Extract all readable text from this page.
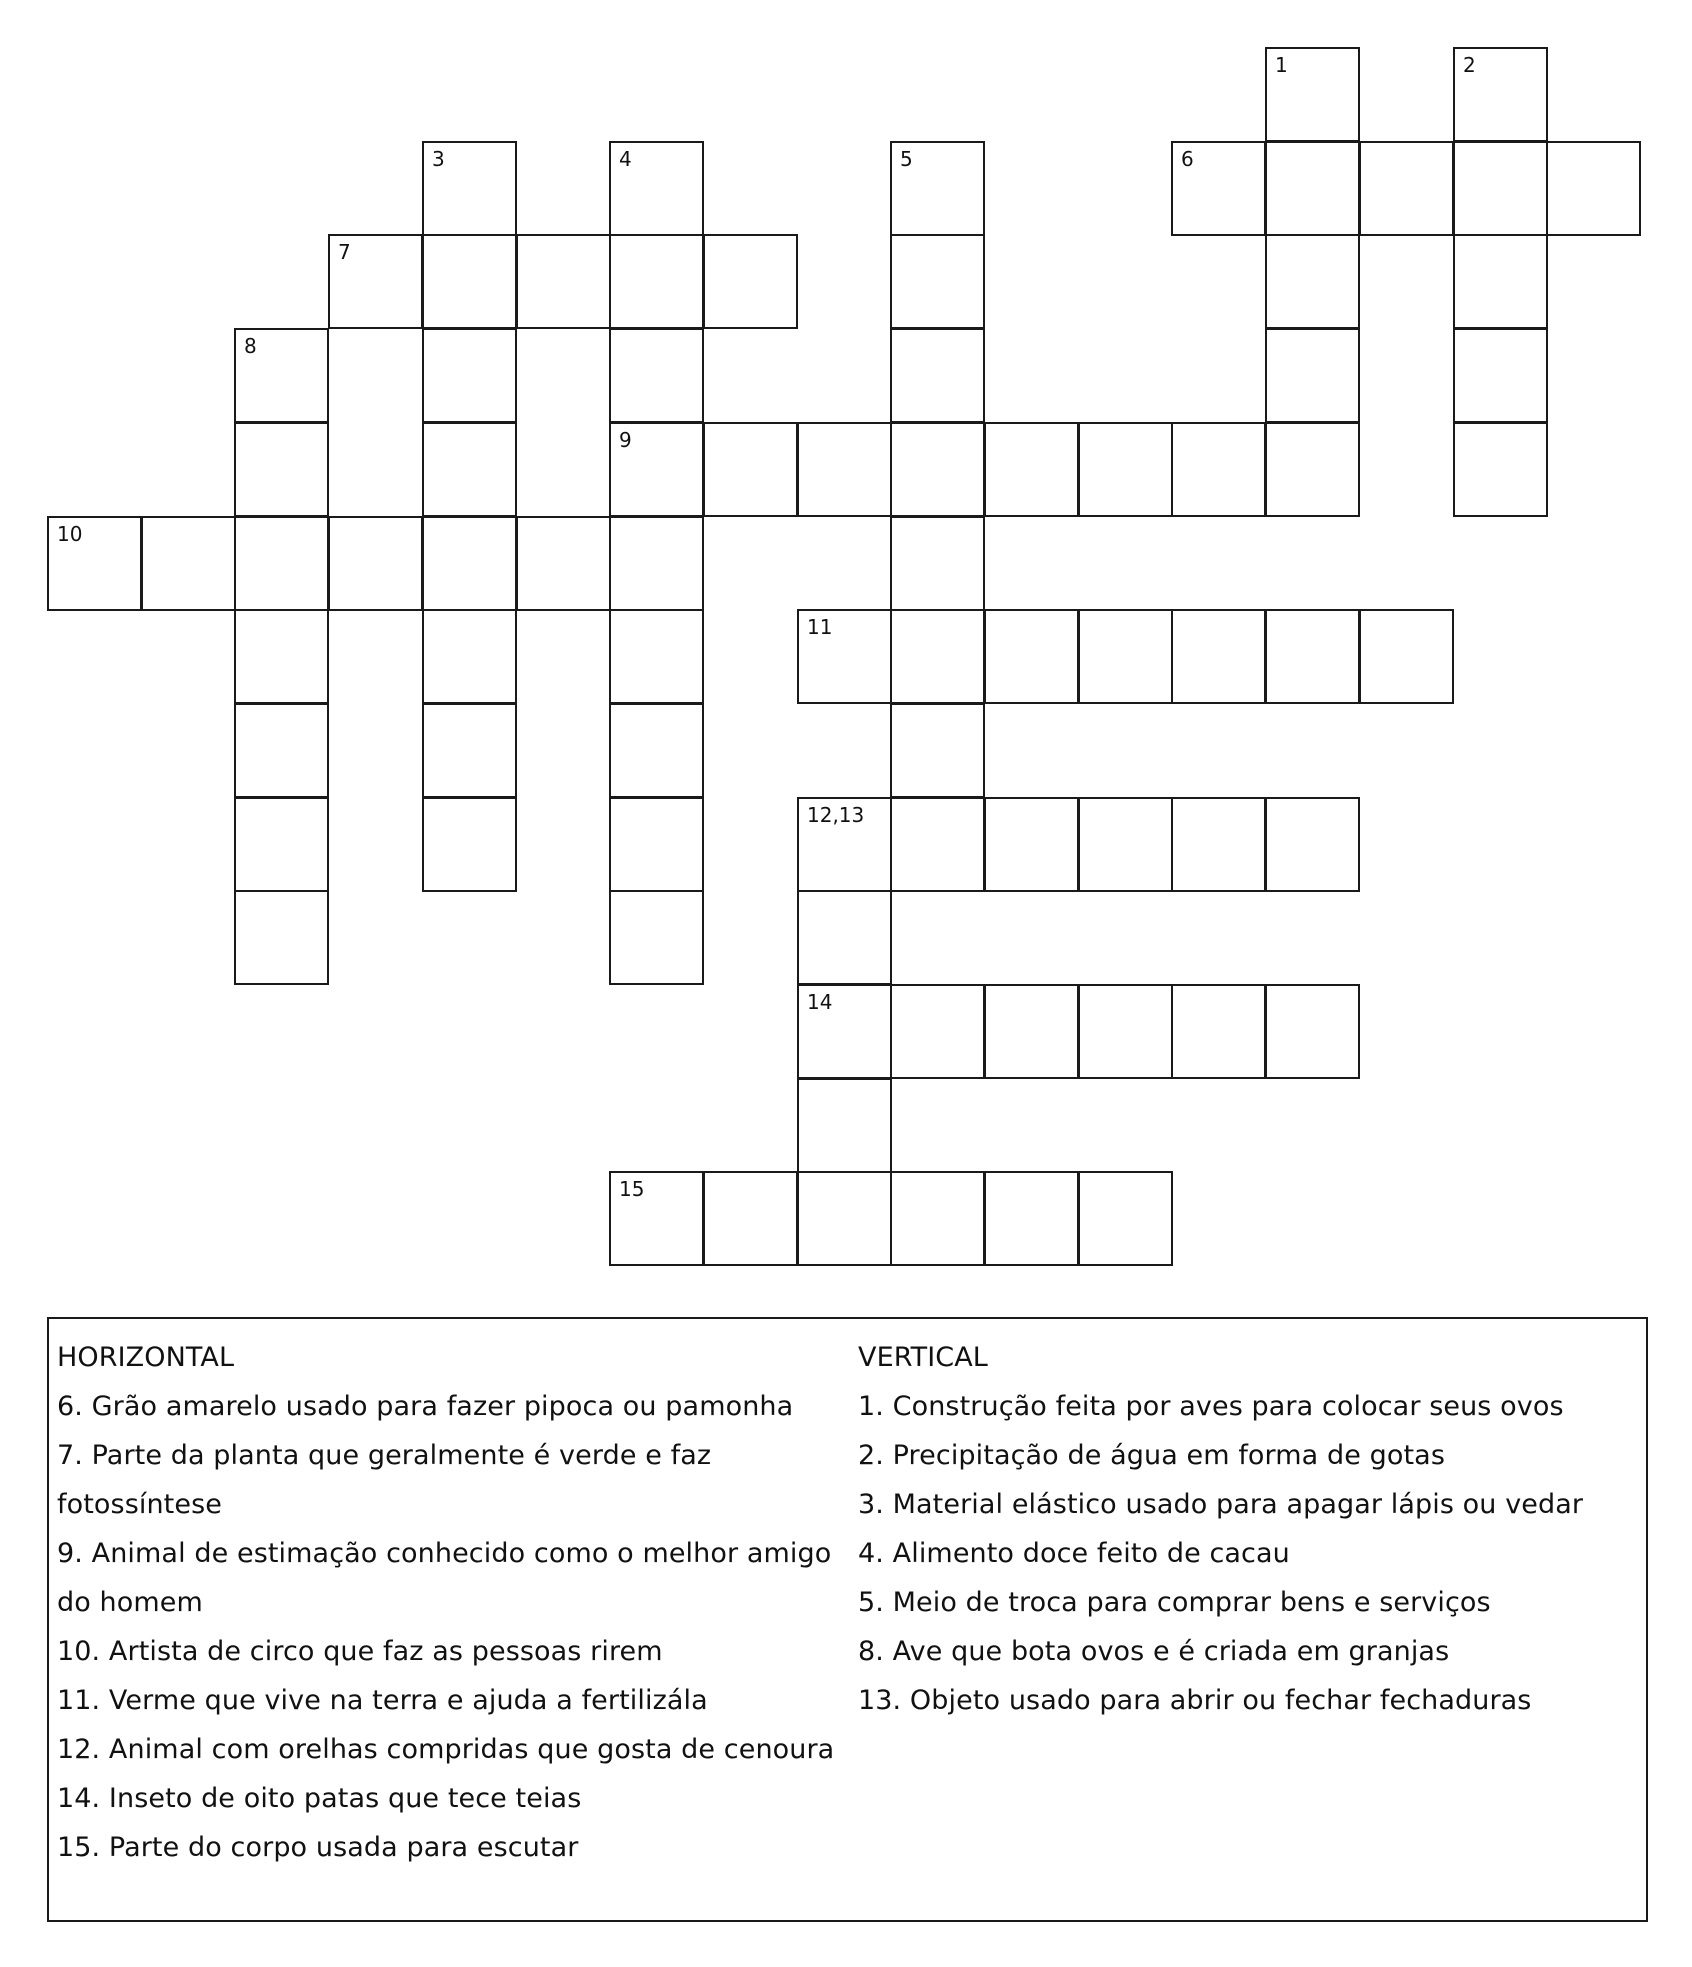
1	2
3	4	5	6
7
8
9
10
11
12,13
14
15

HORIZONTAL

6. Grão amarelo usado para fazer pipoca ou pamonha

7. Parte da planta que geralmente é verde e faz

fotossíntese

9. Animal de estimação conhecido como o melhor amigo

do homem

10. Artista de circo que faz as pessoas rirem

11. Verme que vive na terra e ajuda a fertilizála

12. Animal com orelhas compridas que gosta de cenoura

14. Inseto de oito patas que tece teias

15. Parte do corpo usada para escutar

VERTICAL

1. Construção feita por aves para colocar seus ovos

2. Precipitação de água em forma de gotas

3. Material elástico usado para apagar lápis ou vedar

4. Alimento doce feito de cacau

5. Meio de troca para comprar bens e serviços

8. Ave que bota ovos e é criada em granjas

13. Objeto usado para abrir ou fechar fechaduras
